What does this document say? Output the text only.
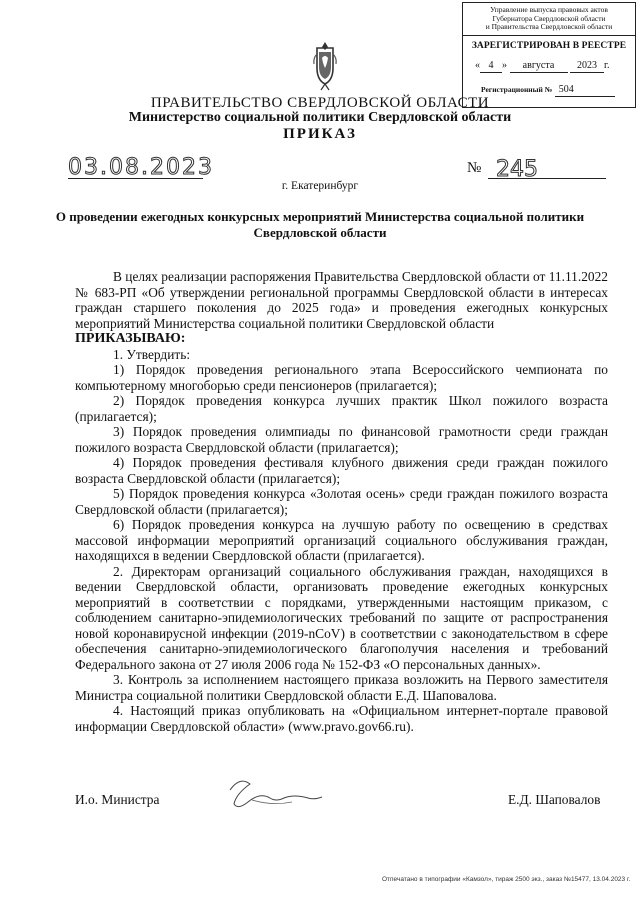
Управление выпуска правовых актов
Губернатора Свердловской области
и Правительства Свердловской области
ЗАРЕГИСТРИРОВАН В РЕЕСТРЕ
« 4 » августа 2023 г.
Регистрационный № 504
ПРАВИТЕЛЬСТВО СВЕРДЛОВСКОЙ ОБЛАСТИ
Министерство социальной политики Свердловской области
ПРИКАЗ
03.08.2023	№ 245
г. Екатеринбург
О проведении ежегодных конкурсных мероприятий Министерства социальной политики Свердловской области

В целях реализации распоряжения Правительства Свердловской области от 11.11.2022 № 683-РП «Об утверждении региональной программы Свердловской области в интересах граждан старшего поколения до 2025 года» и проведения ежегодных конкурсных мероприятий Министерства социальной политики Свердловской области

ПРИКАЗЫВАЮ:

1. Утвердить:

1) Порядок проведения регионального этапа Всероссийского чемпионата по компьютерному многоборью среди пенсионеров (прилагается);

2) Порядок проведения конкурса лучших практик Школ пожилого возраста (прилагается);

3) Порядок проведения олимпиады по финансовой грамотности среди граждан пожилого возраста Свердловской области (прилагается);

4) Порядок проведения фестиваля клубного движения среди граждан пожилого возраста Свердловской области (прилагается);

5) Порядок проведения конкурса «Золотая осень» среди граждан пожилого возраста Свердловской области (прилагается);

6) Порядок проведения конкурса на лучшую работу по освещению в средствах массовой информации мероприятий организаций социального обслуживания граждан, находящихся в ведении Свердловской области (прилагается).

2. Директорам организаций социального обслуживания граждан, находящихся в ведении Свердловской области, организовать проведение ежегодных конкурсных мероприятий в соответствии с порядками, утвержденными настоящим приказом, с соблюдением санитарно-эпидемиологических требований по защите от распространения новой коронавирусной инфекции (2019-nCoV) в соответствии с законодательством в сфере обеспечения санитарно-эпидемиологического благополучия населения и требований Федерального закона от 27 июля 2006 года № 152-ФЗ «О персональных данных».

3. Контроль за исполнением настоящего приказа возложить на Первого заместителя Министра социальной политики Свердловской области Е.Д. Шаповалова.

4. Настоящий приказ опубликовать на «Официальном интернет-портале правовой информации Свердловской области» (www.pravo.gov66.ru).

И.о. Министра	Е.Д. Шаповалов
Отпечатано в типографии «Камзол», тираж 2500 экз., заказ №15477, 13.04.2023 г.
